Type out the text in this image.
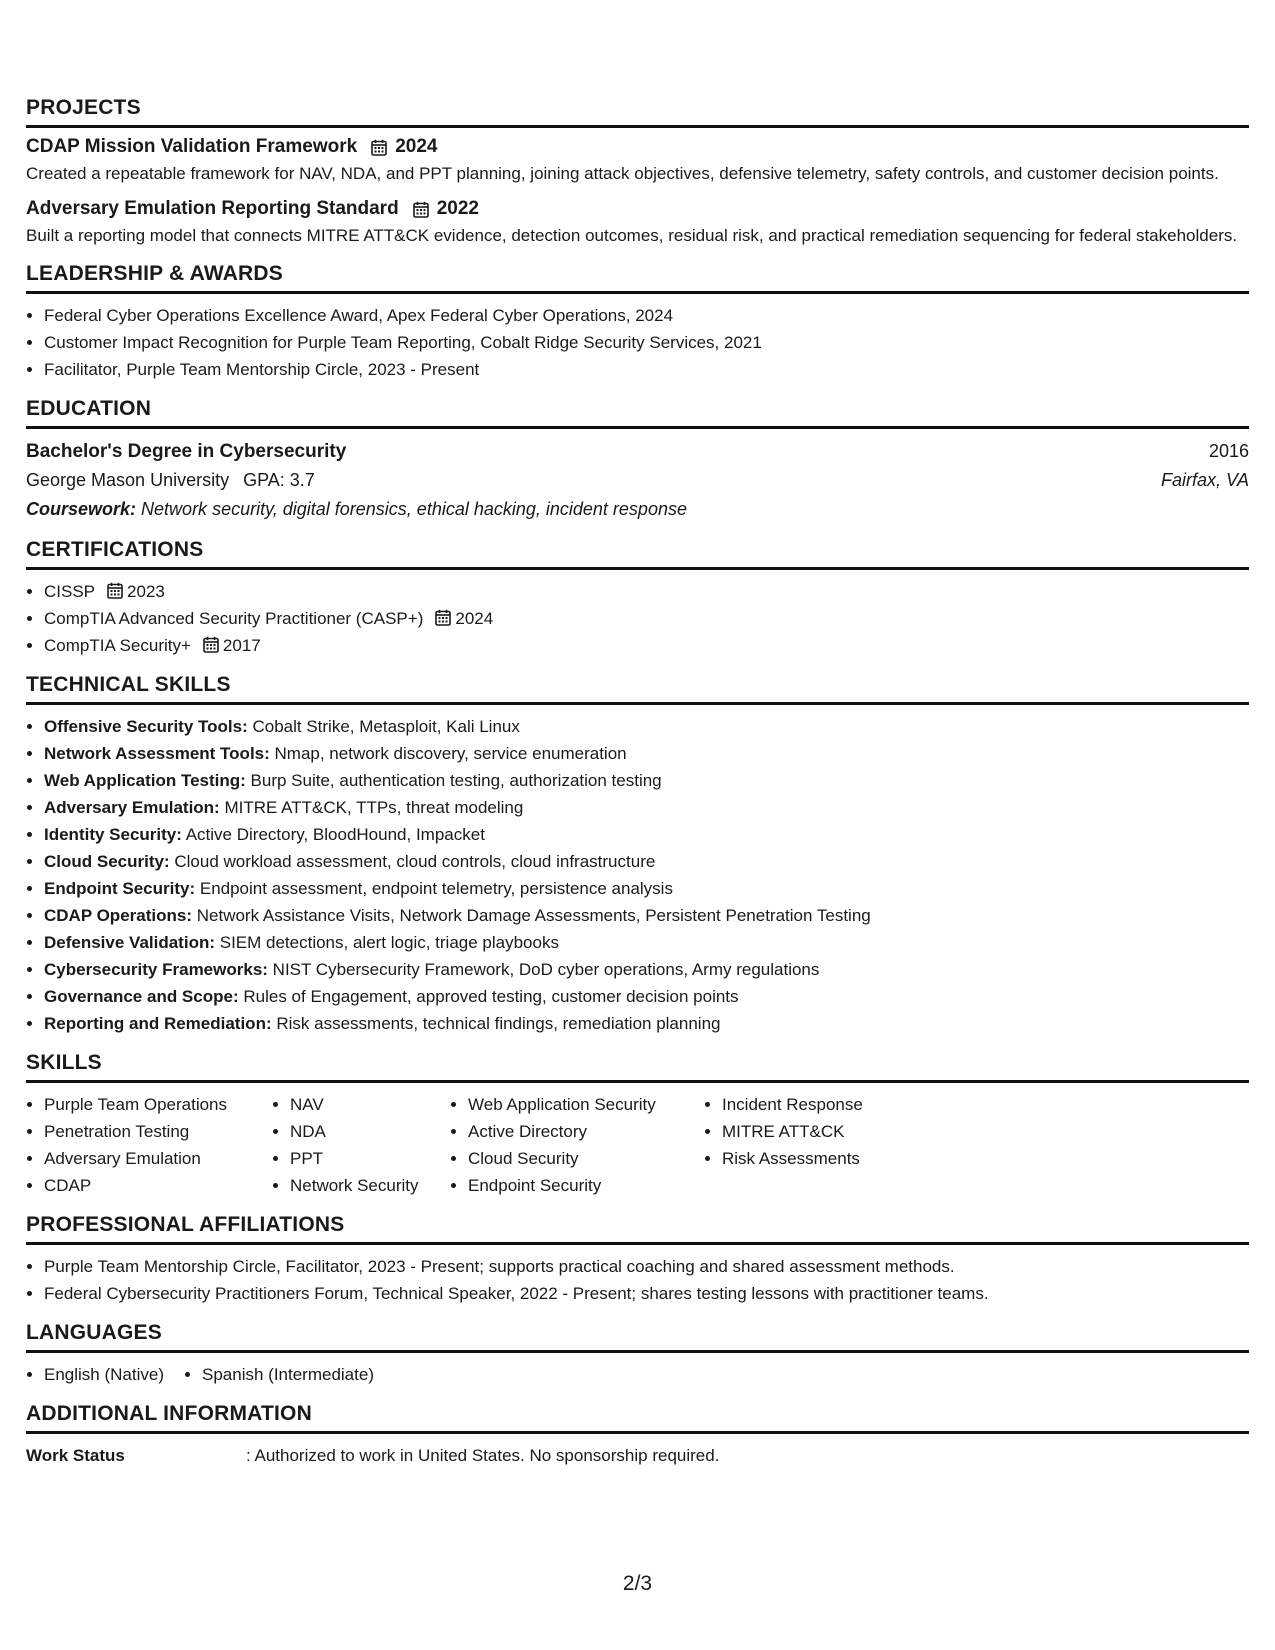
PROJECTS
CDAP Mission Validation Framework 2024
Created a repeatable framework for NAV, NDA, and PPT planning, joining attack objectives, defensive telemetry, safety controls, and customer decision points.
Adversary Emulation Reporting Standard 2022
Built a reporting model that connects MITRE ATT&CK evidence, detection outcomes, residual risk, and practical remediation sequencing for federal stakeholders.
LEADERSHIP & AWARDS
• Federal Cyber Operations Excellence Award, Apex Federal Cyber Operations, 2024
• Customer Impact Recognition for Purple Team Reporting, Cobalt Ridge Security Services, 2021
• Facilitator, Purple Team Mentorship Circle, 2023 - Present
EDUCATION
Bachelor's Degree in Cybersecurity	2016
George Mason University GPA: 3.7	Fairfax, VA
Coursework: Network security, digital forensics, ethical hacking, incident response
CERTIFICATIONS
• CISSP 2023
• CompTIA Advanced Security Practitioner (CASP+) 2024
• CompTIA Security+ 2017
TECHNICAL SKILLS
• Offensive Security Tools: Cobalt Strike, Metasploit, Kali Linux
• Network Assessment Tools: Nmap, network discovery, service enumeration
• Web Application Testing: Burp Suite, authentication testing, authorization testing
• Adversary Emulation: MITRE ATT&CK, TTPs, threat modeling
• Identity Security: Active Directory, BloodHound, Impacket
• Cloud Security: Cloud workload assessment, cloud controls, cloud infrastructure
• Endpoint Security: Endpoint assessment, endpoint telemetry, persistence analysis
• CDAP Operations: Network Assistance Visits, Network Damage Assessments, Persistent Penetration Testing
• Defensive Validation: SIEM detections, alert logic, triage playbooks
• Cybersecurity Frameworks: NIST Cybersecurity Framework, DoD cyber operations, Army regulations
• Governance and Scope: Rules of Engagement, approved testing, customer decision points
• Reporting and Remediation: Risk assessments, technical findings, remediation planning
SKILLS
• Purple Team Operations
• Penetration Testing
• Adversary Emulation
• CDAP
• NAV
• NDA
• PPT
• Network Security
• Web Application Security
• Active Directory
• Cloud Security
• Endpoint Security
• Incident Response
• MITRE ATT&CK
• Risk Assessments
PROFESSIONAL AFFILIATIONS
• Purple Team Mentorship Circle, Facilitator, 2023 - Present; supports practical coaching and shared assessment methods.
• Federal Cybersecurity Practitioners Forum, Technical Speaker, 2022 - Present; shares testing lessons with practitioner teams.
LANGUAGES
• English (Native)
• Spanish (Intermediate)
ADDITIONAL INFORMATION
Work Status	: Authorized to work in United States. No sponsorship required.
2/3
